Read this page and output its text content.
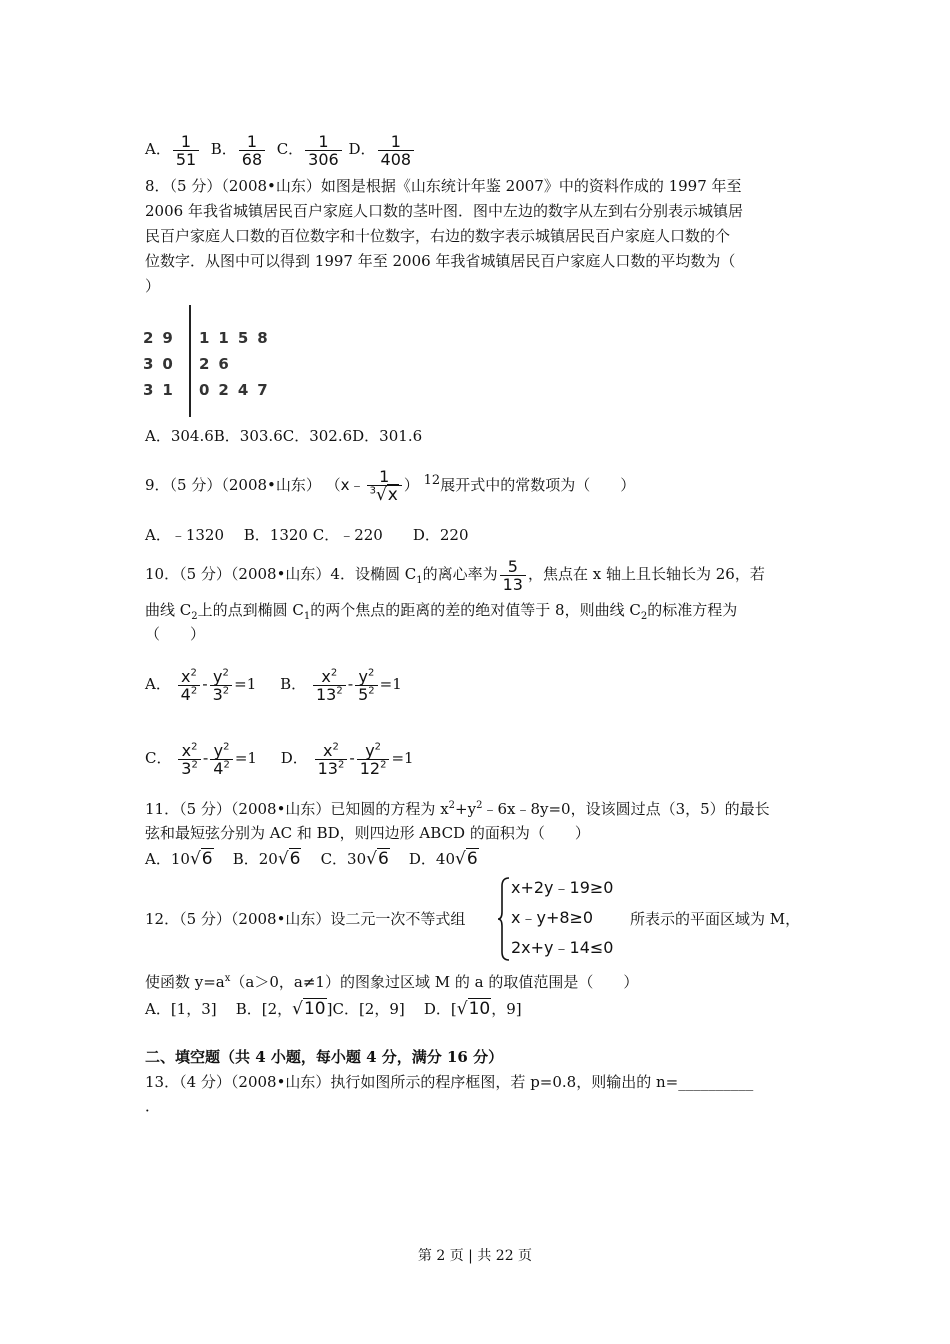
A． $\frac{1}{51}$ B． $\frac{1}{68}$ C． $\frac{1}{306}$ D． $\frac{1}{408}$
8．（5 分）（2008•山东）如图是根据《山东统计年鉴 2007》中的资料作成的 1997 年至
2006 年我省城镇居民百户家庭人口数的茎叶图．图中左边的数字从左到右分别表示城镇居
民百户家庭人口数的百位数字和十位数字，右边的数字表示城镇居民百户家庭人口数的个
位数字．从图中可以得到 1997 年至 2006 年我省城镇居民百户家庭人口数的平均数为（
）
29 1158
30 26
31 0247
A．304.6B．303.6C．302.6D．301.6
9．（5 分）（2008•山东） （x﹣ $\frac{1}{^3√x}$ ） $^{12}$展开式中的常数项为（　　）
A．﹣1320　 B．1320 C．﹣220　　D．220
10．（5 分）（2008•山东）4．设椭圆 $C_1$的离心率为 $\frac{5}{13}$ ，焦点在 x 轴上且长轴长为 26，若
曲线 $C_2$上的点到椭圆 $C_1$的两个焦点的距离的差的绝对值等于 8，则曲线 $C_2$的标准方程为
（　　）
A． $\frac{x^2}{4^2} - \frac{y^2}{3^2} =1$ B． $\frac{x^2}{13^2} - \frac{y^2}{5^2} =1$
C． $\frac{x^2}{3^2} - \frac{y^2}{4^2} =1$ D． $\frac{x^2}{13^2} - \frac{y^2}{12^2} =1$
11．（5 分）（2008•山东）已知圆的方程为 $x^2+y^2﹣6x﹣8y=0$，设该圆过点（3，5）的最长
弦和最短弦分别为 AC 和 BD，则四边形 ABCD 的面积为（　　）
A．10√6 B．20√6 C．30√6 D．40√6
12．（5 分）（2008•山东）设二元一次不等式组
x+2y﹣19≥0
x﹣y+8≥0
2x+y﹣14≤0
所表示的平面区域为 M，
使函数 $y=a^x(a>0$，a≠1）的图象过区域 M 的 a 的取值范围是（　　）
A．[1，3] B．[2，√10]C．[2，9] D．[√10，9]
二、填空题（共 4 小题，每小题 4 分，满分 16 分）
13．（4 分）（2008•山东）执行如图所示的程序框图，若 p=0.8，则输出的 n=__________
．
第 2 页 | 共 22 页
